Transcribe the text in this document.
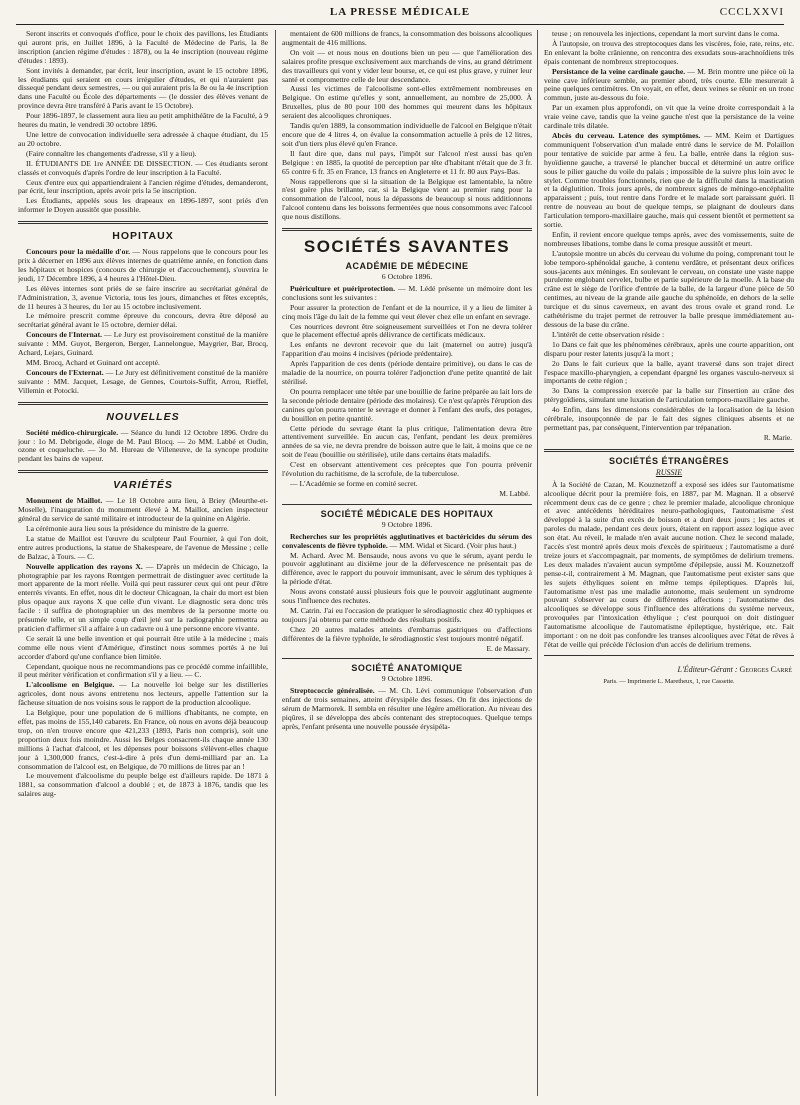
LA PRESSE MÉDICALE	CCCLXXVI

Seront inscrits et convoqués d'office, pour le choix des pavillons, les Étudiants qui auront pris, en Juillet 1896, à la Faculté de Médecine de Paris, la 8e inscription (ancien régime d'études : 1878), ou la 4e inscription (nouveau régime d'études : 1893).

Sont invités à demander, par écrit, leur inscription, avant le 15 octobre 1896, les étudiants qui seraient en cours irrégulier d'études, et qui n'auraient pas dissequé pendant deux semestres, — ou qui auraient pris la 8e ou la 4e inscription dans une Faculté ou École des départements — (le dossier des élèves venant de province devra être transféré à Paris avant le 15 Octobre).

Pour 1896-1897, le classement aura lieu au petit amphithéâtre de la Faculté, à 9 heures du matin, le vendredi 30 octobre 1896.

Une lettre de convocation individuelle sera adressée à chaque étudiant, du 15 au 20 octobre.

(Faire connaître les changements d'adresse, s'il y a lieu).

II. ÉTUDIANTS DE 1re ANNÉE DE DISSECTION. — Ces étudiants seront classés et convoqués d'après l'ordre de leur inscription à la Faculté.

Ceux d'entre eux qui appartiendraient à l'ancien régime d'études, demanderont, par écrit, leur inscription, après avoir pris la 5e inscription.

Les Étudiants, appelés sous les drapeaux en 1896-1897, sont priés d'en informer le Doyen aussitôt que possible.

HOPITAUX

Concours pour la médaille d'or. — Nous rappelons que le concours pour les prix à décerner en 1896 aux élèves internes de quatrième année, en fonction dans les hôpitaux et hospices (concours de chirurgie et d'accouchement), s'ouvrira le jeudi, 17 Décembre 1896, à 4 heures à l'Hôtel-Dieu.

Les élèves internes sont priés de se faire inscrire au secrétariat général de l'Administration, 3, avenue Victoria, tous les jours, dimanches et fêtes exceptés, de 11 heures à 3 heures, du 1er au 15 octobre inclusivement.

Le mémoire prescrit comme épreuve du concours, devra être déposé au secrétariat général avant le 15 octobre, dernier délai.

Concours de l'Internat. — Le Jury est provisoirement constitué de la manière suivante : MM. Guyot, Bergeron, Berger, Lannelongue, Maygrier, Bar, Brocq, Achard, Lejars, Guinard.

MM. Brocq, Achard et Guinard ont accepté.

Concours de l'Externat. — Le Jury est définitivement constitué de la manière suivante : MM. Jacquet, Lesage, de Gennes, Courtois-Suffit, Arrou, Rieffel, Villemin et Potocki.

NOUVELLES

Société médico-chirurgicale. — Séance du lundi 12 Octobre 1896. Ordre du jour : 1o M. Debrigode, éloge de M. Paul Blocq. — 2o MM. Labbé et Oudin, ozone et coqueluche. — 3o M. Hureau de Villeneuve, de la syncope produite pendant les bains de vapeur.

VARIÉTÉS

Monument de Maillot. — Le 18 Octobre aura lieu, à Briey (Meurthe-et-Moselle), l'inauguration du monument élevé à M. Maillot, ancien inspecteur général du service de santé militaire et introducteur de la quinine en Algérie.

La cérémonie aura lieu sous la présidence du ministre de la guerre.

La statue de Maillot est l'œuvre du sculpteur Paul Fournier, à qui l'on doit, entre autres productions, la statue de Shakespeare, de l'avenue de Messine ; celle de Balzac, à Tours. — C.

Nouvelle application des rayons X. — D'après un médecin de Chicago, la photographie par les rayons Rœntgen permettrait de distinguer avec certitude la mort apparente de la mort réelle. Voilà qui peut rassurer ceux qui ont peur d'être enterrés vivants. En effet, nous dit le docteur Chicagoan, la chair du mort est bien plus opaque aux rayons X que celle d'un vivant. Le diagnostic sera donc très facile : il suffira de photographier un des membres de la personne morte ou présumée telle, et un simple coup d'œil jeté sur la radiographie permettra au praticien d'affirmer s'il a affaire à un cadavre ou à une personne encore vivante.

Ce serait là une belle invention et qui pourrait être utile à la médecine ; mais comme elle nous vient d'Amérique, d'instinct nous sommes portés à ne lui accorder d'abord qu'une confiance bien limitée.

Cependant, quoique nous ne recommandions pas ce procédé comme infaillible, il peut mériter vérification et confirmation s'il y a lieu. — C.

L'alcoolisme en Belgique. — La nouvelle loi belge sur les distilleries agricoles, dont nous avons entretenu nos lecteurs, appelle l'attention sur la fâcheuse situation de nos voisins sous le rapport de la production alcoolique.

La Belgique, pour une population de 6 millions d'habitants, ne compte, en effet, pas moins de 155,140 cabarets. En France, où nous en avons déjà beaucoup trop, on n'en trouve encore que 421,233 (1893, Paris non compris), soit une proportion deux fois moindre. Aussi les Belges consacrent-ils chaque année 130 millions à l'achat d'alcool, et les dépenses pour boissons s'élèvent-elles chaque jour à 1,300,000 francs, c'est-à-dire à près d'un demi-milliard par an. La consommation de l'alcool est, en Belgique, de 70 millions de litres par an !

Le mouvement d'alcoolisme du peuple belge est d'ailleurs rapide. De 1871 à 1881, sa consommation d'alcool a doublé ; et, de 1873 à 1876, tandis que les salaires aug-

mentaient de 600 millions de francs, la consommation des boissons alcooliques augmentait de 416 millions.

On voit — et nous nous en doutions bien un peu — que l'amélioration des salaires profite presque exclusivement aux marchands de vins, au grand détriment des travailleurs qui vont y vider leur bourse, et, ce qui est plus grave, y ruiner leur santé et compromettre celle de leur descendance.

Aussi les victimes de l'alcoolisme sont-elles extrêmement nombreuses en Belgique. On estime qu'elles y sont, annuellement, au nombre de 25,000. À Bruxelles, plus de 80 pour 100 des hommes qui meurent dans les hôpitaux seraient des alcooliques chroniques.

Tandis qu'en 1889, la consommation individuelle de l'alcool en Belgique n'était encore que de 4 litres 4, on évalue la consommation actuelle à près de 12 litres, soit d'un tiers plus élevé qu'en France.

Il faut dire que, dans nul pays, l'impôt sur l'alcool n'est aussi bas qu'en Belgique : en 1885, la quotité de perception par tête d'habitant n'était que de 3 fr. 65 contre 6 fr. 35 en France, 13 francs en Angleterre et 11 fr. 80 aux Pays-Bas.

Nous rappellerons que si la situation de la Belgique est lamentable, la nôtre n'est guère plus brillante, car, si la Belgique vient au premier rang pour la consommation de l'alcool, nous la dépassons de beaucoup si nous additionnons l'alcool contenu dans les boissons fermentées que nous consommons avec l'alcool que nous distillons.

SOCIÉTÉS SAVANTES
ACADÉMIE DE MÉDECINE
6 Octobre 1896.

Puériculture et puériprotection. — M. Lédé présente un mémoire dont les conclusions sont les suivantes :

Pour assurer la protection de l'enfant et de la nourrice, il y a lieu de limiter à cinq mois l'âge du lait de la femme qui veut élever chez elle un enfant en sevrage.

Ces nourrices devront être soigneusement surveillées et l'on ne devra tolérer que le placement effectué après délivrance de certificats médicaux.

Les enfants ne devront recevoir que du lait (maternel ou autre) jusqu'à l'apparition d'au moins 4 incisives (période prédentaire).

Après l'apparition de ces dents (période dentaire primitive), ou dans le cas de maladie de la nourrice, on pourra tolérer l'adjonction d'une petite quantité de lait stérilisé.

On pourra remplacer une tétée par une bouillie de farine préparée au lait lors de la seconde période dentaire (période des molaires). Ce n'est qu'après l'éruption des canines qu'on pourra tenter le sevrage et donner à l'enfant des œufs, des potages, du bouillon en petite quantité.

Cette période du sevrage étant la plus critique, l'alimentation devra être attentivement surveillée. En aucun cas, l'enfant, pendant les deux premières années de sa vie, ne devra prendre de boisson autre que le lait, à moins que ce ne soit de l'eau (bouillie ou stérilisée), utile dans certains états maladifs.

C'est en observant attentivement ces préceptes que l'on pourra prévenir l'évolution du rachitisme, de la scrofule, de la tuberculose.

— L'Académie se forme en comité secret.

M. Labbé.
SOCIÉTÉ MÉDICALE DES HOPITAUX
9 Octobre 1896.

Recherches sur les propriétés agglutinatives et bactéricides du sérum des convalescents de fièvre typhoïde. — MM. Widal et Sicard. (Voir plus haut.)

M. Achard. Avec M. Bensaude, nous avons vu que le sérum, ayant perdu le pouvoir agglutinant au dixième jour de la défervescence ne présentait pas de différence, avec le rapport du pouvoir immunisant, avec le sérum des typhiques à la période d'état.

Nous avons constaté aussi plusieurs fois que le pouvoir agglutinant augmente sous l'influence des rechutes.

M. Catrin. J'ai eu l'occasion de pratiquer le sérodiagnostic chez 40 typhiques et toujours j'ai obtenu par cette méthode des résultats positifs.

Chez 20 autres malades atteints d'embarras gastriques ou d'affections différentes de la fièvre typhoïde, le sérodiagnostic s'est toujours montré négatif.

E. de Massary.
SOCIÉTÉ ANATOMIQUE
9 Octobre 1896.

Streptococcie généralisée. — M. Ch. Lévi communique l'observation d'un enfant de trois semaines, atteint d'érysipèle des fesses. On fit des injections de sérum de Marmorek. Il sembla en résulter une légère amélioration. Au niveau des piqûres, il se développa des abcès contenant des streptocoques. Quelque temps après, l'enfant présenta une nouvelle poussée érysipéla-

teuse ; on renouvela les injections, cependant la mort survint dans le coma.

À l'autopsie, on trouva des streptocoques dans les viscères, foie, rate, reins, etc. En enlevant la boîte crânienne, on rencontra des exsudats sous-arachnoïdiens très épais contenant de nombreux streptocoques.

Persistance de la veine cardinale gauche. — M. Brin montre une pièce où la veine cave inférieure semble, au premier abord, très courte. Elle mesurerait à peine quelques centimètres. On voyait, en effet, deux veines se réunir en un tronc commun, juste au-dessous du foie.

Par un examen plus approfondi, on vit que la veine droite correspondait à la vraie veine cave, tandis que la veine gauche n'est que la persistance de la veine cardinale très dilatée.

Abcès du cerveau. Latence des symptômes. — MM. Keim et Dartigues communiquent l'observation d'un malade entré dans le service de M. Polaillon pour tentative de suicide par arme à feu. La balle, entrée dans la région sus-hyoïdienne gauche, a traversé le plancher buccal et déterminé un autre orifice sous le pilier gauche du voile du palais ; impossible de la suivre plus loin avec le stylet. Comme troubles fonctionnels, rien que de la difficulté dans la mastication et la déglutition. Trois jours après, de nombreux signes de méningo-encéphalite apparaissent ; puis, tout rentre dans l'ordre et le malade sort paraissant guéri. Il rentre de nouveau au bout de quelque temps, se plaignant de douleurs dans l'articulation temporo-maxillaire gauche, mais qui cessent bientôt et permettent sa sortie.

Enfin, il revient encore quelque temps après, avec des vomissements, suite de nombreuses libations, tombe dans le coma presque aussitôt et meurt.

L'autopsie montre un abcès du cerveau du volume du poing, comprenant tout le lobe temporo-sphénoïdal gauche, à contenu verdâtre, et présentant deux orifices sous-jacents aux méninges. En soulevant le cerveau, on constate une vaste nappe purulente englobant cervelet, bulbe et partie supérieure de la moelle. À la base du crâne est le siège de l'orifice d'entrée de la balle, de la largeur d'une pièce de 50 centimes, au niveau de la grande aile gauche du sphénoïde, en dehors de la selle turcique et du sinus caverneux, en avant des trous ovale et grand rond. Le cathétérisme du trajet permet de retrouver la balle presque immédiatement au-dessous de la base du crâne.

L'intérêt de cette observation réside :

1o Dans ce fait que les phénomènes cérébraux, après une courte apparition, ont disparu pour rester latents jusqu'à la mort ;

2o Dans le fait curieux que la balle, ayant traversé dans son trajet direct l'espace maxillo-pharyngien, a cependant épargné les organes vasculo-nerveux si importants de cette région ;

3o Dans la compression exercée par la balle sur l'insertion au crâne des ptérygoïdiens, simulant une luxation de l'articulation temporo-maxillaire gauche.

4o Enfin, dans les dimensions considérables de la localisation de la lésion cérébrale, insoupçonnée de par le fait des signes cliniques absents et ne permettant pas, par conséquent, l'intervention par trépanation.

R. Marie.
SOCIÉTÉS ÉTRANGÈRES
RUSSIE

À la Société de Cazan, M. Kouznetzoff a exposé ses idées sur l'automatisme alcoolique décrit pour la première fois, en 1887, par M. Magnan. Il a observé récemment deux cas de ce genre ; chez le premier malade, alcoolique chronique et avec antécédents héréditaires neuro-pathologiques, l'automatisme s'est développé à la suite d'un excès de boisson et a duré deux jours ; les actes et paroles du malade, pendant ces deux jours, étaient en rapport assez logique avec son état. Au réveil, le malade n'en avait aucune notion. Chez le second malade, l'accès s'est montré après deux mois d'excès de spiritueux ; l'automatisme a duré treize jours et s'accompagnait, par moments, de symptômes de delirium tremens. Les deux malades n'avaient aucun symptôme d'épilepsie, aussi M. Kouznetzoff pense-t-il, contrairement à M. Magnan, que l'automatisme peut exister sans que les sujets éthyliques soient en même temps épileptiques. D'après lui, l'automatisme n'est pas une maladie autonome, mais seulement un syndrome pouvant s'observer au cours de différentes affections ; l'automatisme des alcooliques se développe sous l'influence des altérations du système nerveux, provoquées par l'intoxication éthylique ; c'est pourquoi on doit distinguer l'automatisme alcoolique de l'automatisme épileptique, hystérique, etc. Fait important : on ne doit pas confondre les transes alcooliques avec l'état de rêves à l'état de veille qui précède l'éclosion d'un accès de delirium tremens.

L'Éditeur-Gérant : Georges Carré
Paris. — Imprimerie L. Maretheux, 1, rue Cassette.
